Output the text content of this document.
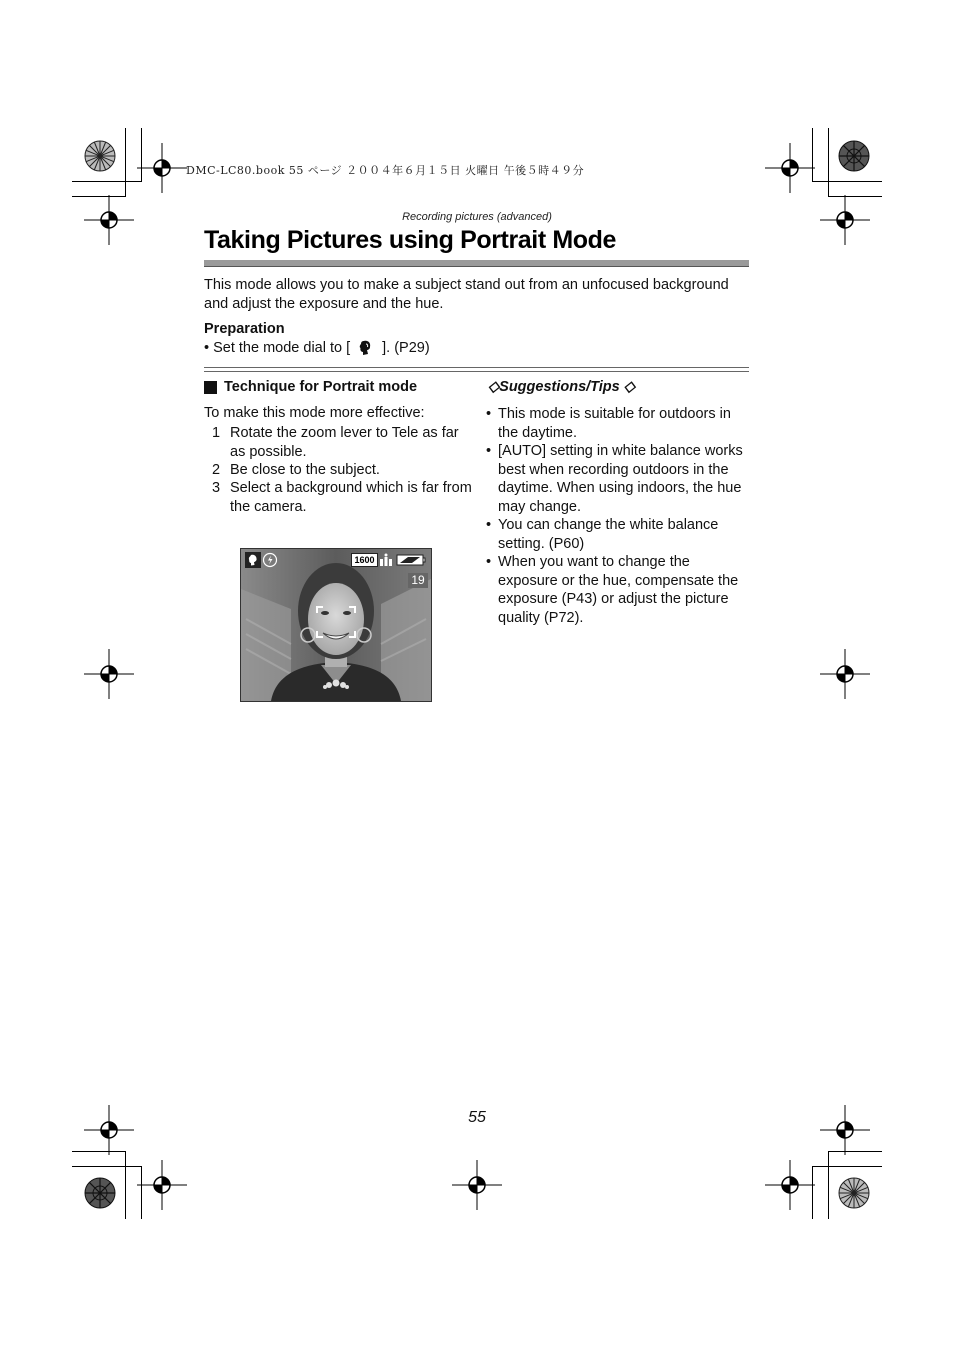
DMC-LC80.book 55 ページ ２００４年６月１５日 火曜日 午後５時４９分
Recording pictures (advanced)
Taking Pictures using Portrait Mode
This mode allows you to make a subject stand out from an unfocused background and adjust the exposure and the hue.
Preparation
• Set the mode dial to [ ]. (P29)
Technique for Portrait mode
To make this mode more effective:
1 Rotate the zoom lever to Tele as far as possible.
2 Be close to the subject.
3 Select a background which is far from the camera.
1600
19
◇Suggestions/Tips ◇
• This mode is suitable for outdoors in the daytime.
• [AUTO] setting in white balance works best when recording outdoors in the daytime. When using indoors, the hue may change.
• You can change the white balance setting. (P60)
• When you want to change the exposure or the hue, compensate the exposure (P43) or adjust the picture quality (P72).
55
